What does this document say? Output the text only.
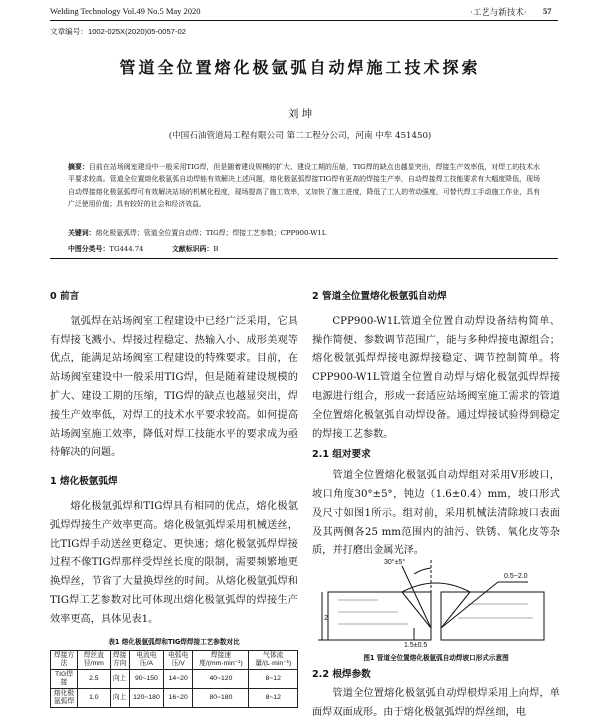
Welding Technology Vol.49 No.5 May 2020	·工艺与新技术· 57
文章编号：1002-025X(2020)05-0057-02
管道全位置熔化极氩弧自动焊施工技术探索
刘 坤
(中国石油管道局工程有限公司 第二工程分公司，河南 中牟 451450)

摘要：目前在站场阀室建设中一般采用TIG焊，但是随着建设规模的扩大、建设工期的压缩，TIG焊的缺点也越显突出，焊接生产效率低，对焊工的技术水平要求较高。管道全位置熔化极氩弧自动焊能有效解决上述问题，熔化极氩弧焊接TIG焊有更高的焊接生产率，自动焊接焊工技能要求有大幅度降低，现场自动焊接熔化极氩弧焊可有效解决站场的机械化程度，现场提高了施工效率，又加快了施工进度，降低了工人的劳动强度，可替代焊工手动施工作业，具有广泛使用价值；具有较好的社会和经济效益。

关键词：熔化极氩弧焊；管道全位置自动焊；TIG焊；焊接工艺参数；CPP900-W1L
中图分类号：TG444.74	文献标识码：B
0 前言

氩弧焊在站场阀室工程建设中已经广泛采用，它具有焊接飞溅小、焊接过程稳定、热输入小、成形美观等优点，能满足站场阀室工程建设的特殊要求。目前，在站场阀室建设中一般采用TIG焊，但是随着建设规模的扩大、建设工期的压缩，TIG焊的缺点也越显突出，焊接生产效率低，对焊工的技术水平要求较高。如何提高站场阀室施工效率，降低对焊工技能水平的要求成为亟待解决的问题。

1 熔化极氩弧焊

熔化极氩弧焊和TIG焊具有相同的优点，熔化极氩弧焊焊接生产效率更高。熔化极氩弧焊采用机械送丝，比TIG焊手动送丝更稳定、更快速；熔化极氩弧焊焊接过程不像TIG焊那样受焊丝长度的限制，需要频繁地更换焊丝，节省了大量换焊丝的时间。从熔化极氩弧焊和TIG焊工艺参数对比可体现出熔化极氩弧焊的焊接生产效率更高，具体见表1。

表1 熔化极氩弧焊和TIG焊焊接工艺参数对比
焊接方法	焊丝直径/mm	焊接方向	电流电压/A	电弧电压/V	焊接速度/(mm·min⁻¹)	气体流量/(L·min⁻¹)
TIG焊接	2.5	向上	90~150	14~20	40~120	8~12
熔化极氩弧焊	1.0	向上	120~180	16~20	80~180	8~12
2 管道全位置熔化极氩弧自动焊

CPP900-W1L管道全位置自动焊设备结构简单、操作简便、参数调节范围广，能与多种焊接电源组合；熔化极氩弧焊焊接电源焊接稳定、调节控制简单。将CPP900-W1L管道全位置自动焊与熔化极氩弧焊焊接电源进行组合，形成一套适应站场阀室施工需求的管道全位置熔化极氩弧自动焊设备。通过焊接试验得到稳定的焊接工艺参数。

2.1 组对要求

管道全位置熔化极氩弧自动焊组对采用V形坡口，坡口角度30°±5°，钝边（1.6±0.4）mm，坡口形式及尺寸如图1所示。组对前，采用机械法清除坡口表面及其两侧各25 mm范围内的油污、铁锈、氧化皮等杂质，并打磨出金属光泽。

30°±5°
0.5~2.0
1.5±0.5
2
图1 管道全位置熔化极氩弧自动焊坡口形式示意图
2.2 根焊参数

管道全位置熔化极氩弧自动焊根焊采用上向焊，单面焊双面成形。由于熔化极氩弧焊的焊丝细，电
